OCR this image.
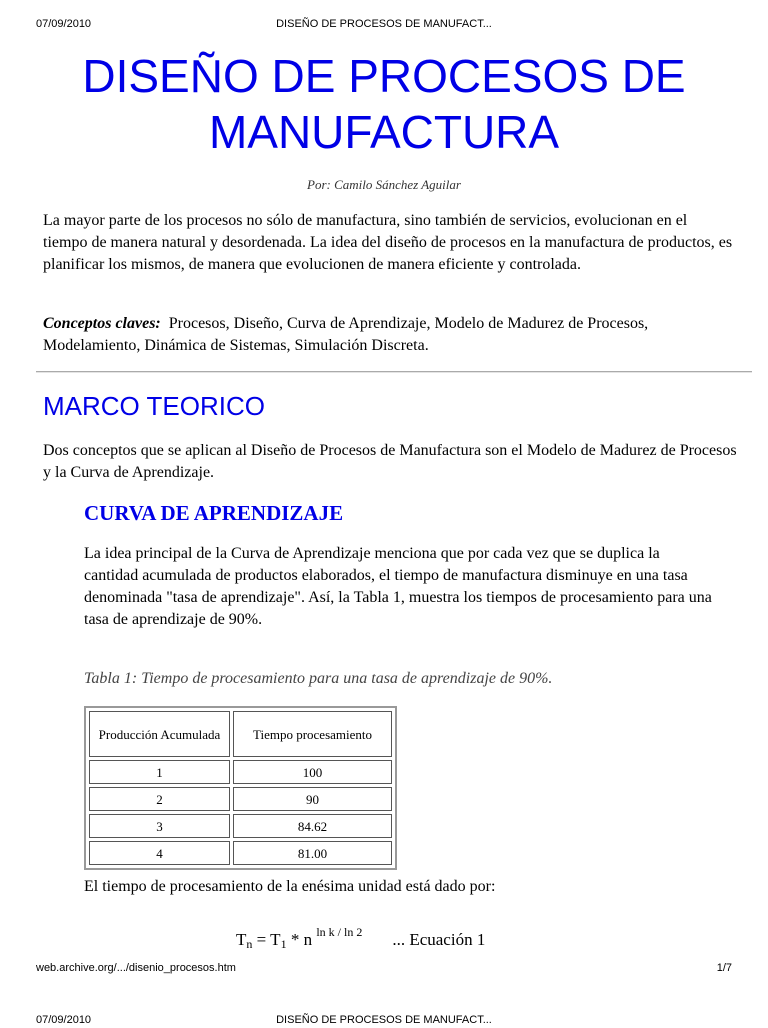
07/09/2010	DISEÑO DE PROCESOS DE MANUFACT...
DISEÑO DE PROCESOS DE
MANUFACTURA
Por: Camilo Sánchez Aguilar

La mayor parte de los procesos no sólo de manufactura, sino también de servicios, evolucionan en el tiempo de manera natural y desordenada. La idea del diseño de procesos en la manufactura de productos, es planificar los mismos, de manera que evolucionen de manera eficiente y controlada.

Conceptos claves: Procesos, Diseño, Curva de Aprendizaje, Modelo de Madurez de Procesos, Modelamiento, Dinámica de Sistemas, Simulación Discreta.

MARCO TEORICO

Dos conceptos que se aplican al Diseño de Procesos de Manufactura son el Modelo de Madurez de Procesos y la Curva de Aprendizaje.

CURVA DE APRENDIZAJE

La idea principal de la Curva de Aprendizaje menciona que por cada vez que se duplica la cantidad acumulada de productos elaborados, el tiempo de manufactura disminuye en una tasa denominada "tasa de aprendizaje". Así, la Tabla 1, muestra los tiempos de procesamiento para una tasa de aprendizaje de 90%.

Tabla 1: Tiempo de procesamiento para una tasa de aprendizaje de 90%.
Producción Acumulada	Tiempo procesamiento
1	100
2	90
3	84.62
4	81.00

El tiempo de procesamiento de la enésima unidad está dado por:

$T_n = T_1 * n$ $^{ln k / ln 2}$ ... Ecuación 1
web.archive.org/.../disenio_procesos.htm	1/7
07/09/2010	DISEÑO DE PROCESOS DE MANUFACT...
